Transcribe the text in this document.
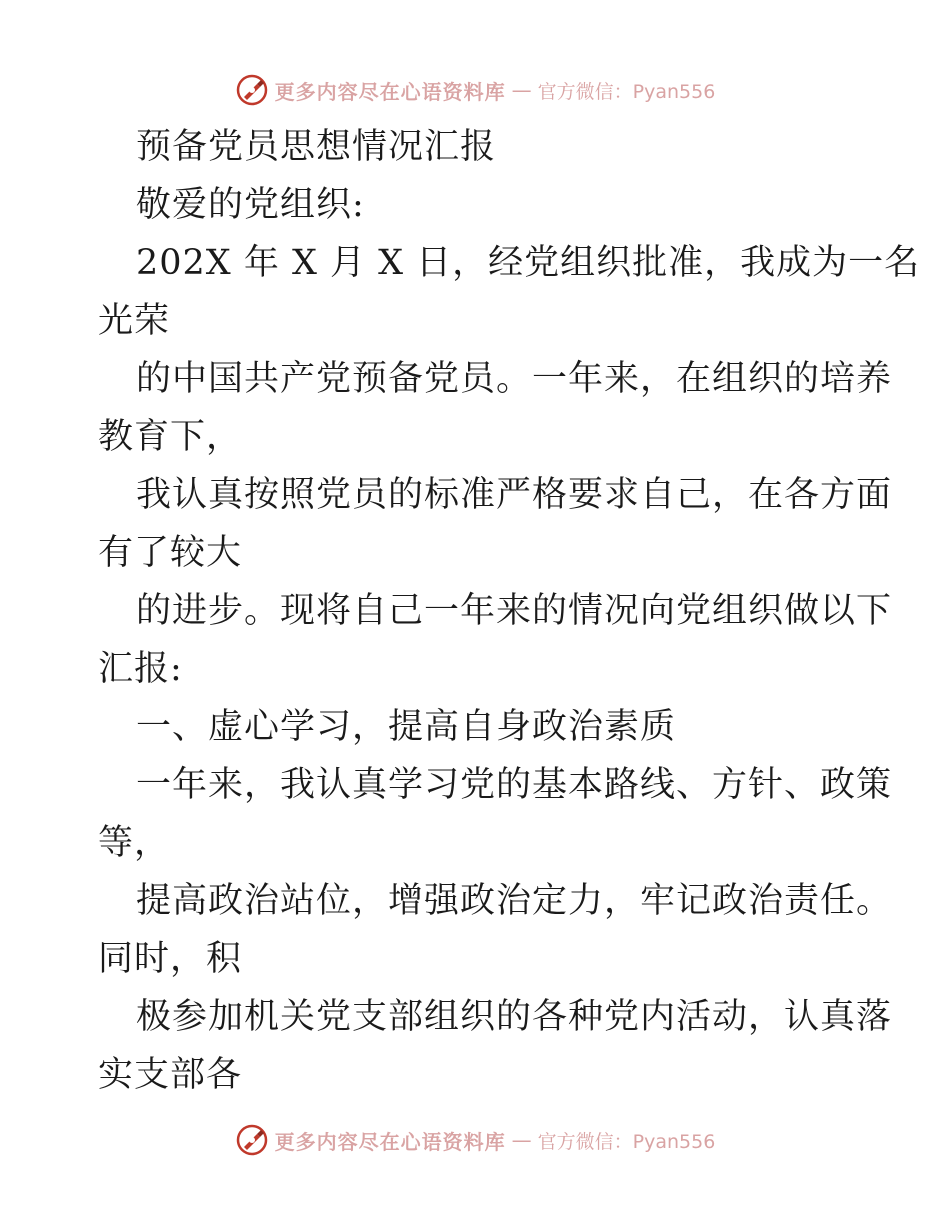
更多内容尽在心语资料库 — 官方微信：Pyan556
预备党员思想情况汇报
敬爱的党组织:
202X 年 X 月 X 日，经党组织批准，我成为一名
光荣
的中国共产党预备党员。一年来，在组织的培养
教育下，
我认真按照党员的标准严格要求自己，在各方面
有了较大
的进步。现将自己一年来的情况向党组织做以下
汇报:
一、虚心学习，提高自身政治素质
一年来，我认真学习党的基本路线、方针、政策
等，
提高政治站位，增强政治定力，牢记政治责任。
同时，积
极参加机关党支部组织的各种党内活动，认真落
实支部各
更多内容尽在心语资料库 — 官方微信：Pyan556
